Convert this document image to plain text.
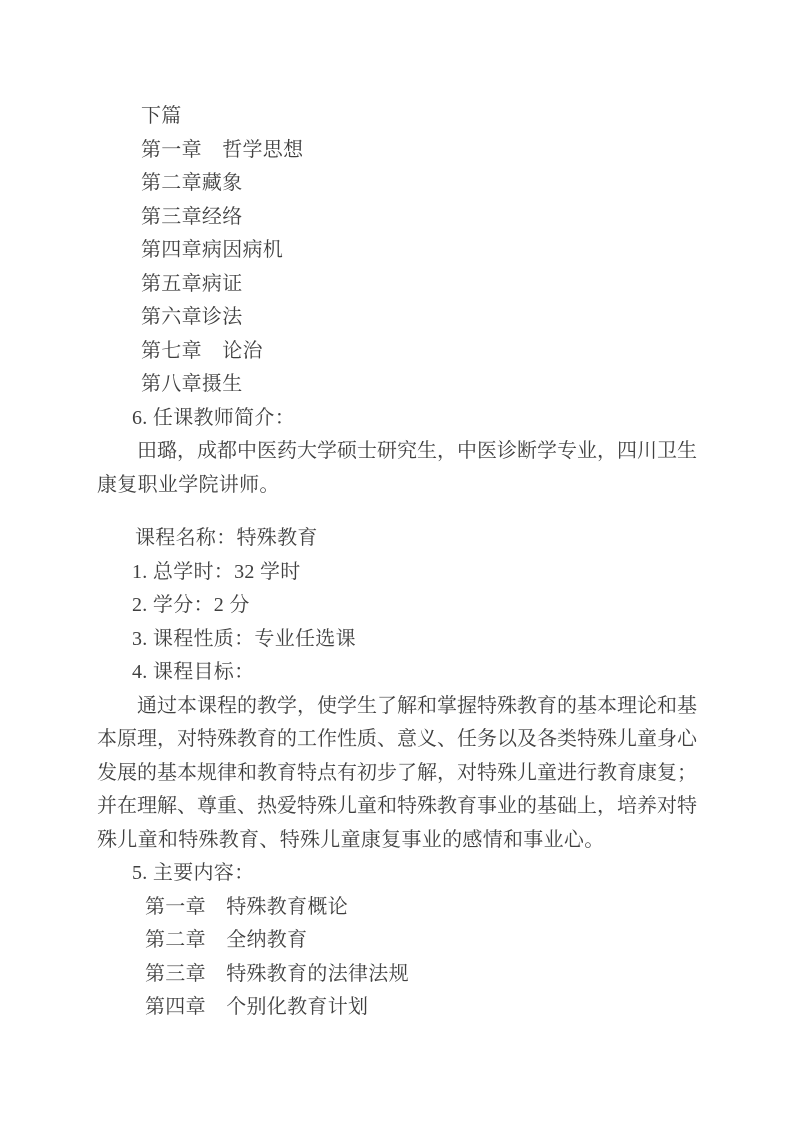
下篇
第一章　哲学思想
第二章藏象
第三章经络
第四章病因病机
第五章病证
第六章诊法
第七章　论治
第八章摄生
6. 任课教师简介：
田璐，成都中医药大学硕士研究生，中医诊断学专业，四川卫生
康复职业学院讲师。
课程名称：特殊教育
1. 总学时：32 学时
2. 学分：2 分
3. 课程性质：专业任选课
4. 课程目标：
通过本课程的教学，使学生了解和掌握特殊教育的基本理论和基
本原理，对特殊教育的工作性质、意义、任务以及各类特殊儿童身心
发展的基本规律和教育特点有初步了解，对特殊儿童进行教育康复；
并在理解、尊重、热爱特殊儿童和特殊教育事业的基础上，培养对特
殊儿童和特殊教育、特殊儿童康复事业的感情和事业心。
5. 主要内容：
第一章　特殊教育概论
第二章　全纳教育
第三章　特殊教育的法律法规
第四章　个别化教育计划
